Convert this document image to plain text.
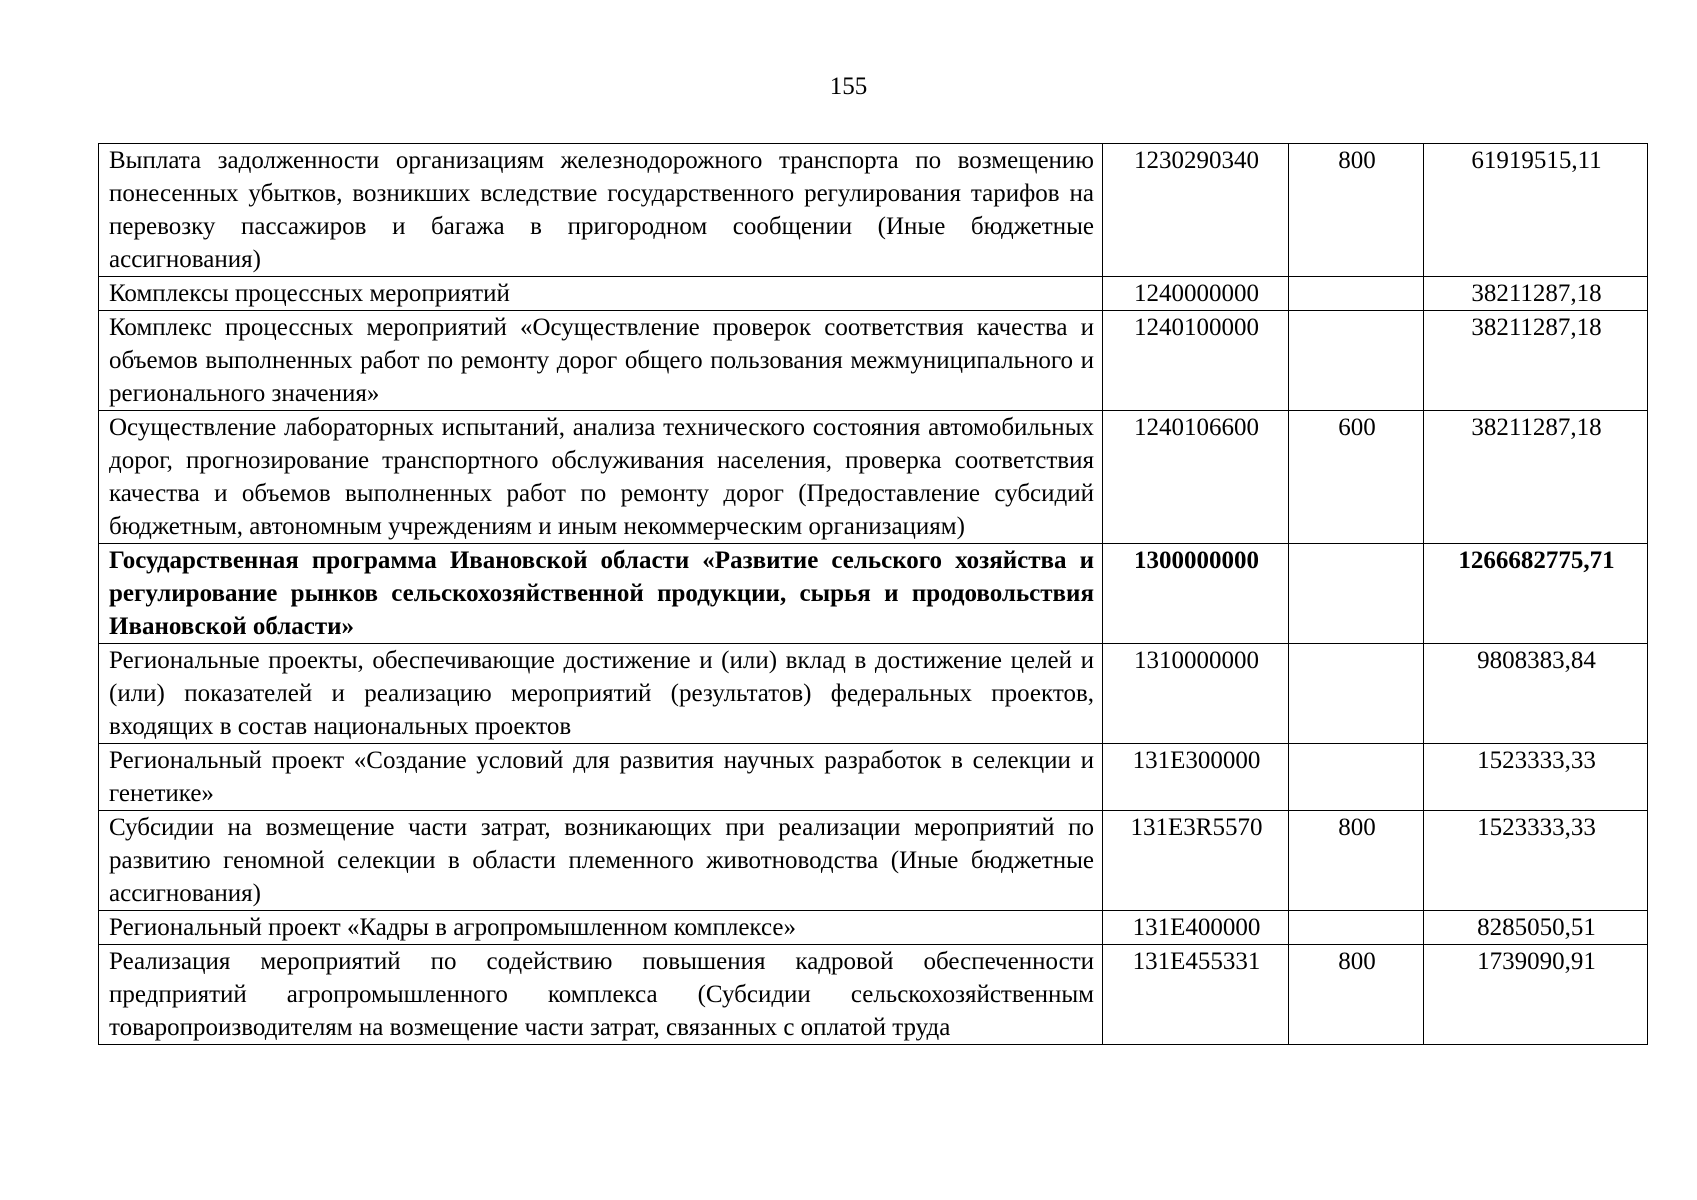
155
Выплата задолженности организациям железнодорожного транспорта по возмещению понесенных убытков, возникших вследствие государственного регулирования тарифов на перевозку пассажиров и багажа в пригородном сообщении (Иные бюджетные ассигнования)	1230290340	800	61919515,11
Комплексы процессных мероприятий	1240000000		38211287,18
Комплекс процессных мероприятий «Осуществление проверок соответствия качества и объемов выполненных работ по ремонту дорог общего пользования межмуниципального и регионального значения»	1240100000		38211287,18
Осуществление лабораторных испытаний, анализа технического состояния автомобильных дорог, прогнозирование транспортного обслуживания населения, проверка соответствия качества и объемов выполненных работ по ремонту дорог (Предоставление субсидий бюджетным, автономным учреждениям и иным некоммерческим организациям)	1240106600	600	38211287,18
Государственная программа Ивановской области «Развитие сельского хозяйства и регулирование рынков сельскохозяйственной продукции, сырья и продовольствия Ивановской области»	1300000000		1266682775,71
Региональные проекты, обеспечивающие достижение и (или) вклад в достижение целей и (или) показателей и реализацию мероприятий (результатов) федеральных проектов, входящих в состав национальных проектов	1310000000		9808383,84
Региональный проект «Создание условий для развития научных разработок в селекции и генетике»	131E300000		1523333,33
Субсидии на возмещение части затрат, возникающих при реализации мероприятий по развитию геномной селекции в области племенного животноводства (Иные бюджетные ассигнования)	131E3R5570	800	1523333,33
Региональный проект «Кадры в агропромышленном комплексе»	131E400000		8285050,51
Реализация мероприятий по содействию повышения кадровой обеспеченности предприятий агропромышленного комплекса (Субсидии сельскохозяйственным товаропроизводителям на возмещение части затрат, связанных с оплатой труда	131E455331	800	1739090,91
